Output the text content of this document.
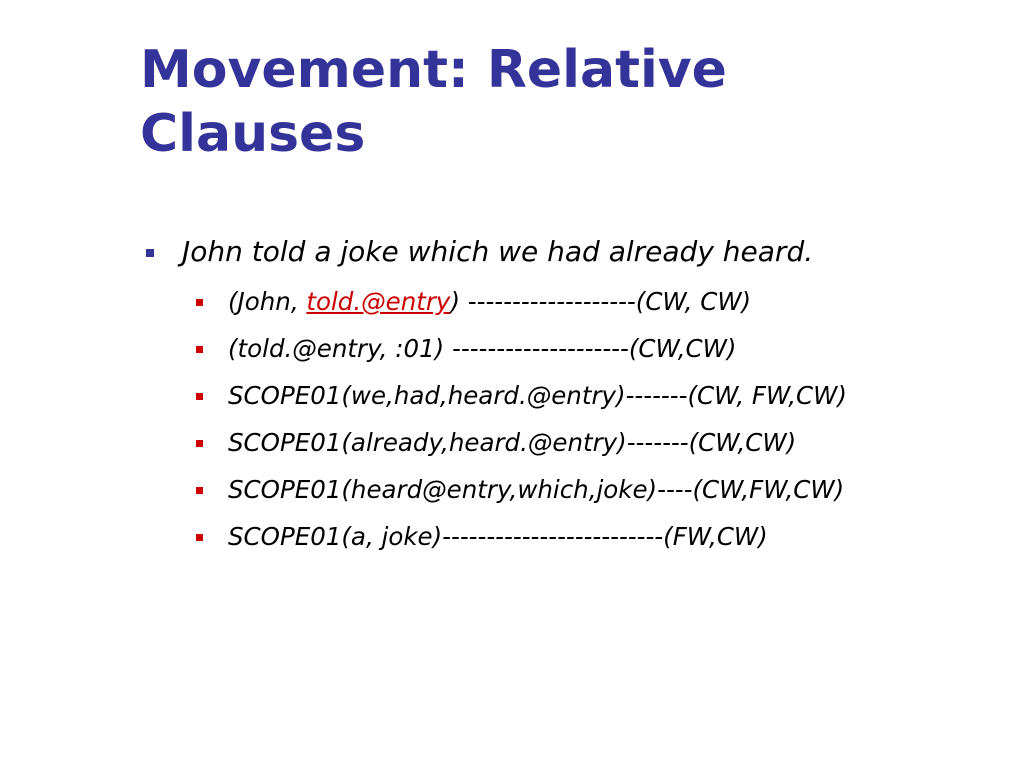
Movement: Relative
Clauses
John told a joke which we had already heard.
(John, told.@entry) -------------------(CW, CW)
(told.@entry, :01) --------------------(CW,CW)
SCOPE01(we,had,heard.@entry)-------(CW, FW,CW)
SCOPE01(already,heard.@entry)-------(CW,CW)
SCOPE01(heard@entry,which,joke)----(CW,FW,CW)
SCOPE01(a, joke)-------------------------(FW,CW)
